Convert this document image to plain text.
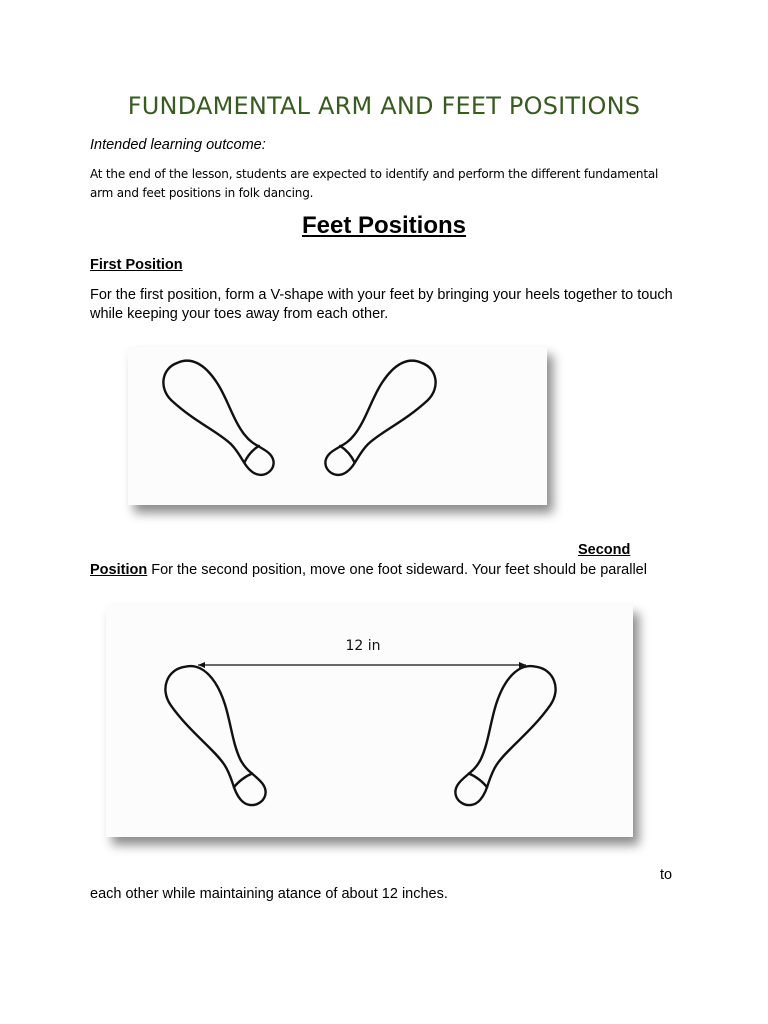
FUNDAMENTAL ARM AND FEET POSITIONS
Intended learning outcome:
At the end of the lesson, students are expected to identify and perform the different fundamental arm and feet positions in folk dancing.
Feet Positions
First Position
For the first position, form a V-shape with your feet by bringing your heels together to touch while keeping your toes away from each other.
Second
Position For the second position, move one foot sideward. Your feet should be parallel
12 in
to
each other while maintaining atance of about 12 inches.
